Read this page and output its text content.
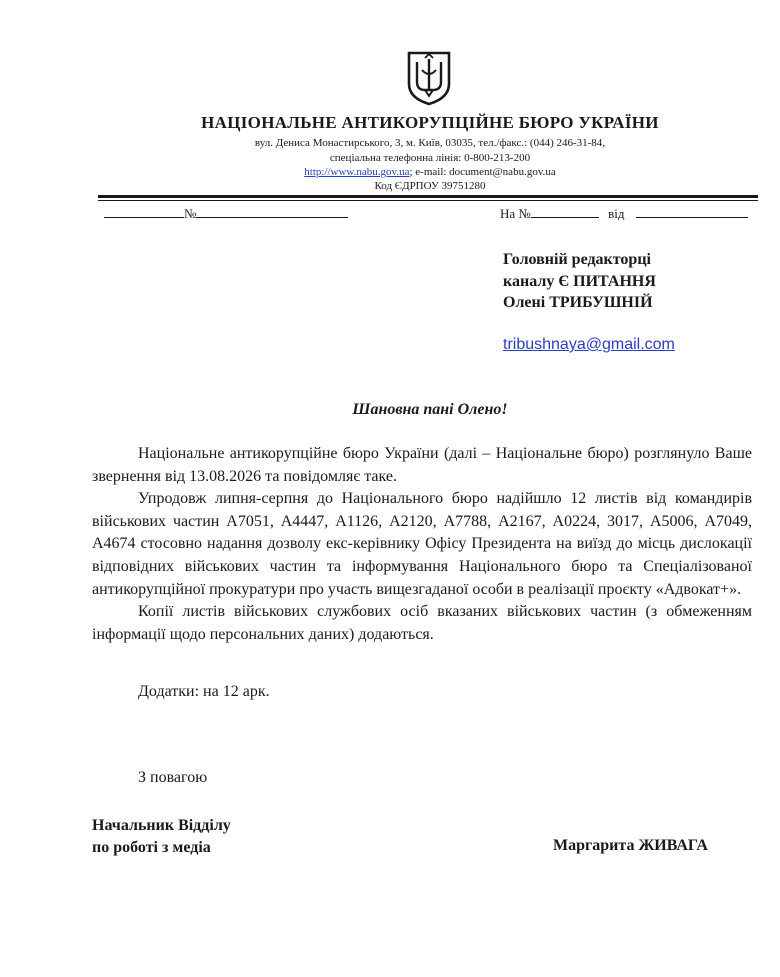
НАЦІОНАЛЬНЕ АНТИКОРУПЦІЙНЕ БЮРО УКРАЇНИ
вул. Дениса Монастирського, 3, м. Київ, 03035, тел./факс.: (044) 246-31-84,
спеціальна телефонна лінія: 0-800-213-200
http://www.nabu.gov.ua; e-mail: document@nabu.gov.ua
Код ЄДРПОУ 39751280
№	На №	від
Головній редакторці
каналу Є ПИТАННЯ
Олені ТРИБУШНІЙ
tribushnaya@gmail.com
Шановна пані Олено!

Національне антикорупційне бюро України (далі – Національне бюро) розглянуло Ваше звернення від 13.08.2026 та повідомляє таке.

Упродовж липня-серпня до Національного бюро надійшло 12 листів від командирів військових частин А7051, А4447, А1126, А2120, А7788, А2167, А0224, 3017, А5006, А7049, А4674 стосовно надання дозволу екс-керівнику Офісу Президента на виїзд до місць дислокації відповідних військових частин та інформування Національного бюро та Спеціалізованої антикорупційної прокуратури про участь вищезгаданої особи в реалізації проєкту «Адвокат+».

Копії листів військових службових осіб вказаних військових частин (з обмеженням інформації щодо персональних даних) додаються.

Додатки: на 12 арк.
З повагою
Начальник Відділу
по роботі з медіа	Маргарита ЖИВАГА
